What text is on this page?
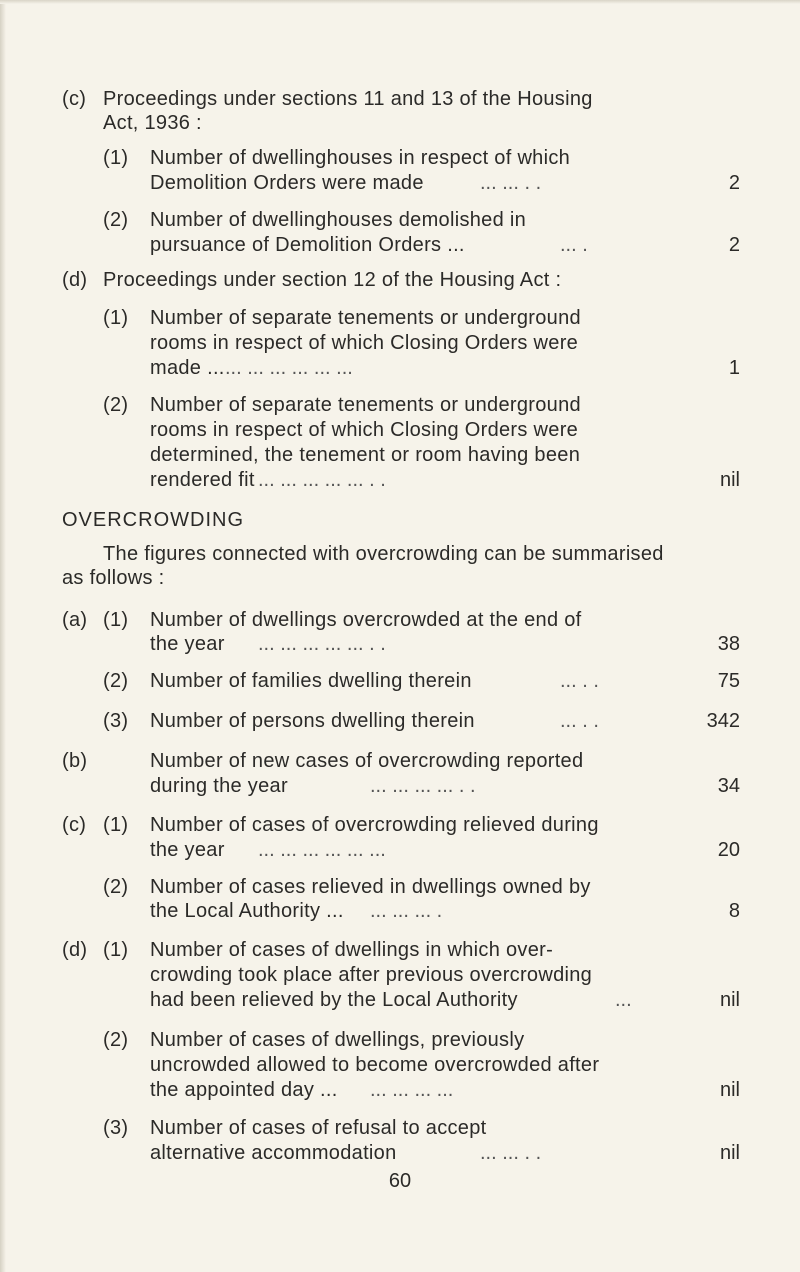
(c) Proceedings under sections 11 and 13 of the Housing
Act, 1936 :
(1) Number of dwellinghouses in respect of which
Demolition Orders were made	... ... . .	2
(2) Number of dwellinghouses demolished in
pursuance of Demolition Orders ...	... .	2
(d) Proceedings under section 12 of the Housing Act :
(1) Number of separate tenements or underground
rooms in respect of which Closing Orders were
made ... ... ... ... ... ... ...	1
(2) Number of separate tenements or underground
rooms in respect of which Closing Orders were
determined, the tenement or room having been
rendered fit ... ... ... ... ... . .	nil
OVERCROWDING
The figures connected with overcrowding can be summarised
as follows :
(a) (1) Number of dwellings overcrowded at the end of
the year ... ... ... ... ... . .	38
(2) Number of families dwelling therein	... . .	75
(3) Number of persons dwelling therein	... . .	342
(b)	Number of new cases of overcrowding reported
during the year	... ... ... ... . .	34
(c) (1) Number of cases of overcrowding relieved during
the year ... ... ... ... ... ...	20
(2) Number of cases relieved in dwellings owned by
the Local Authority ... ... ... ... .	8
(d) (1) Number of cases of dwellings in which over-
crowding took place after previous overcrowding
had been relieved by the Local Authority	...	nil
(2) Number of cases of dwellings, previously
uncrowded allowed to become overcrowded after
the appointed day ... ... ... ... ...	nil
(3) Number of cases of refusal to accept
alternative accommodation	... ... . .	nil
60
